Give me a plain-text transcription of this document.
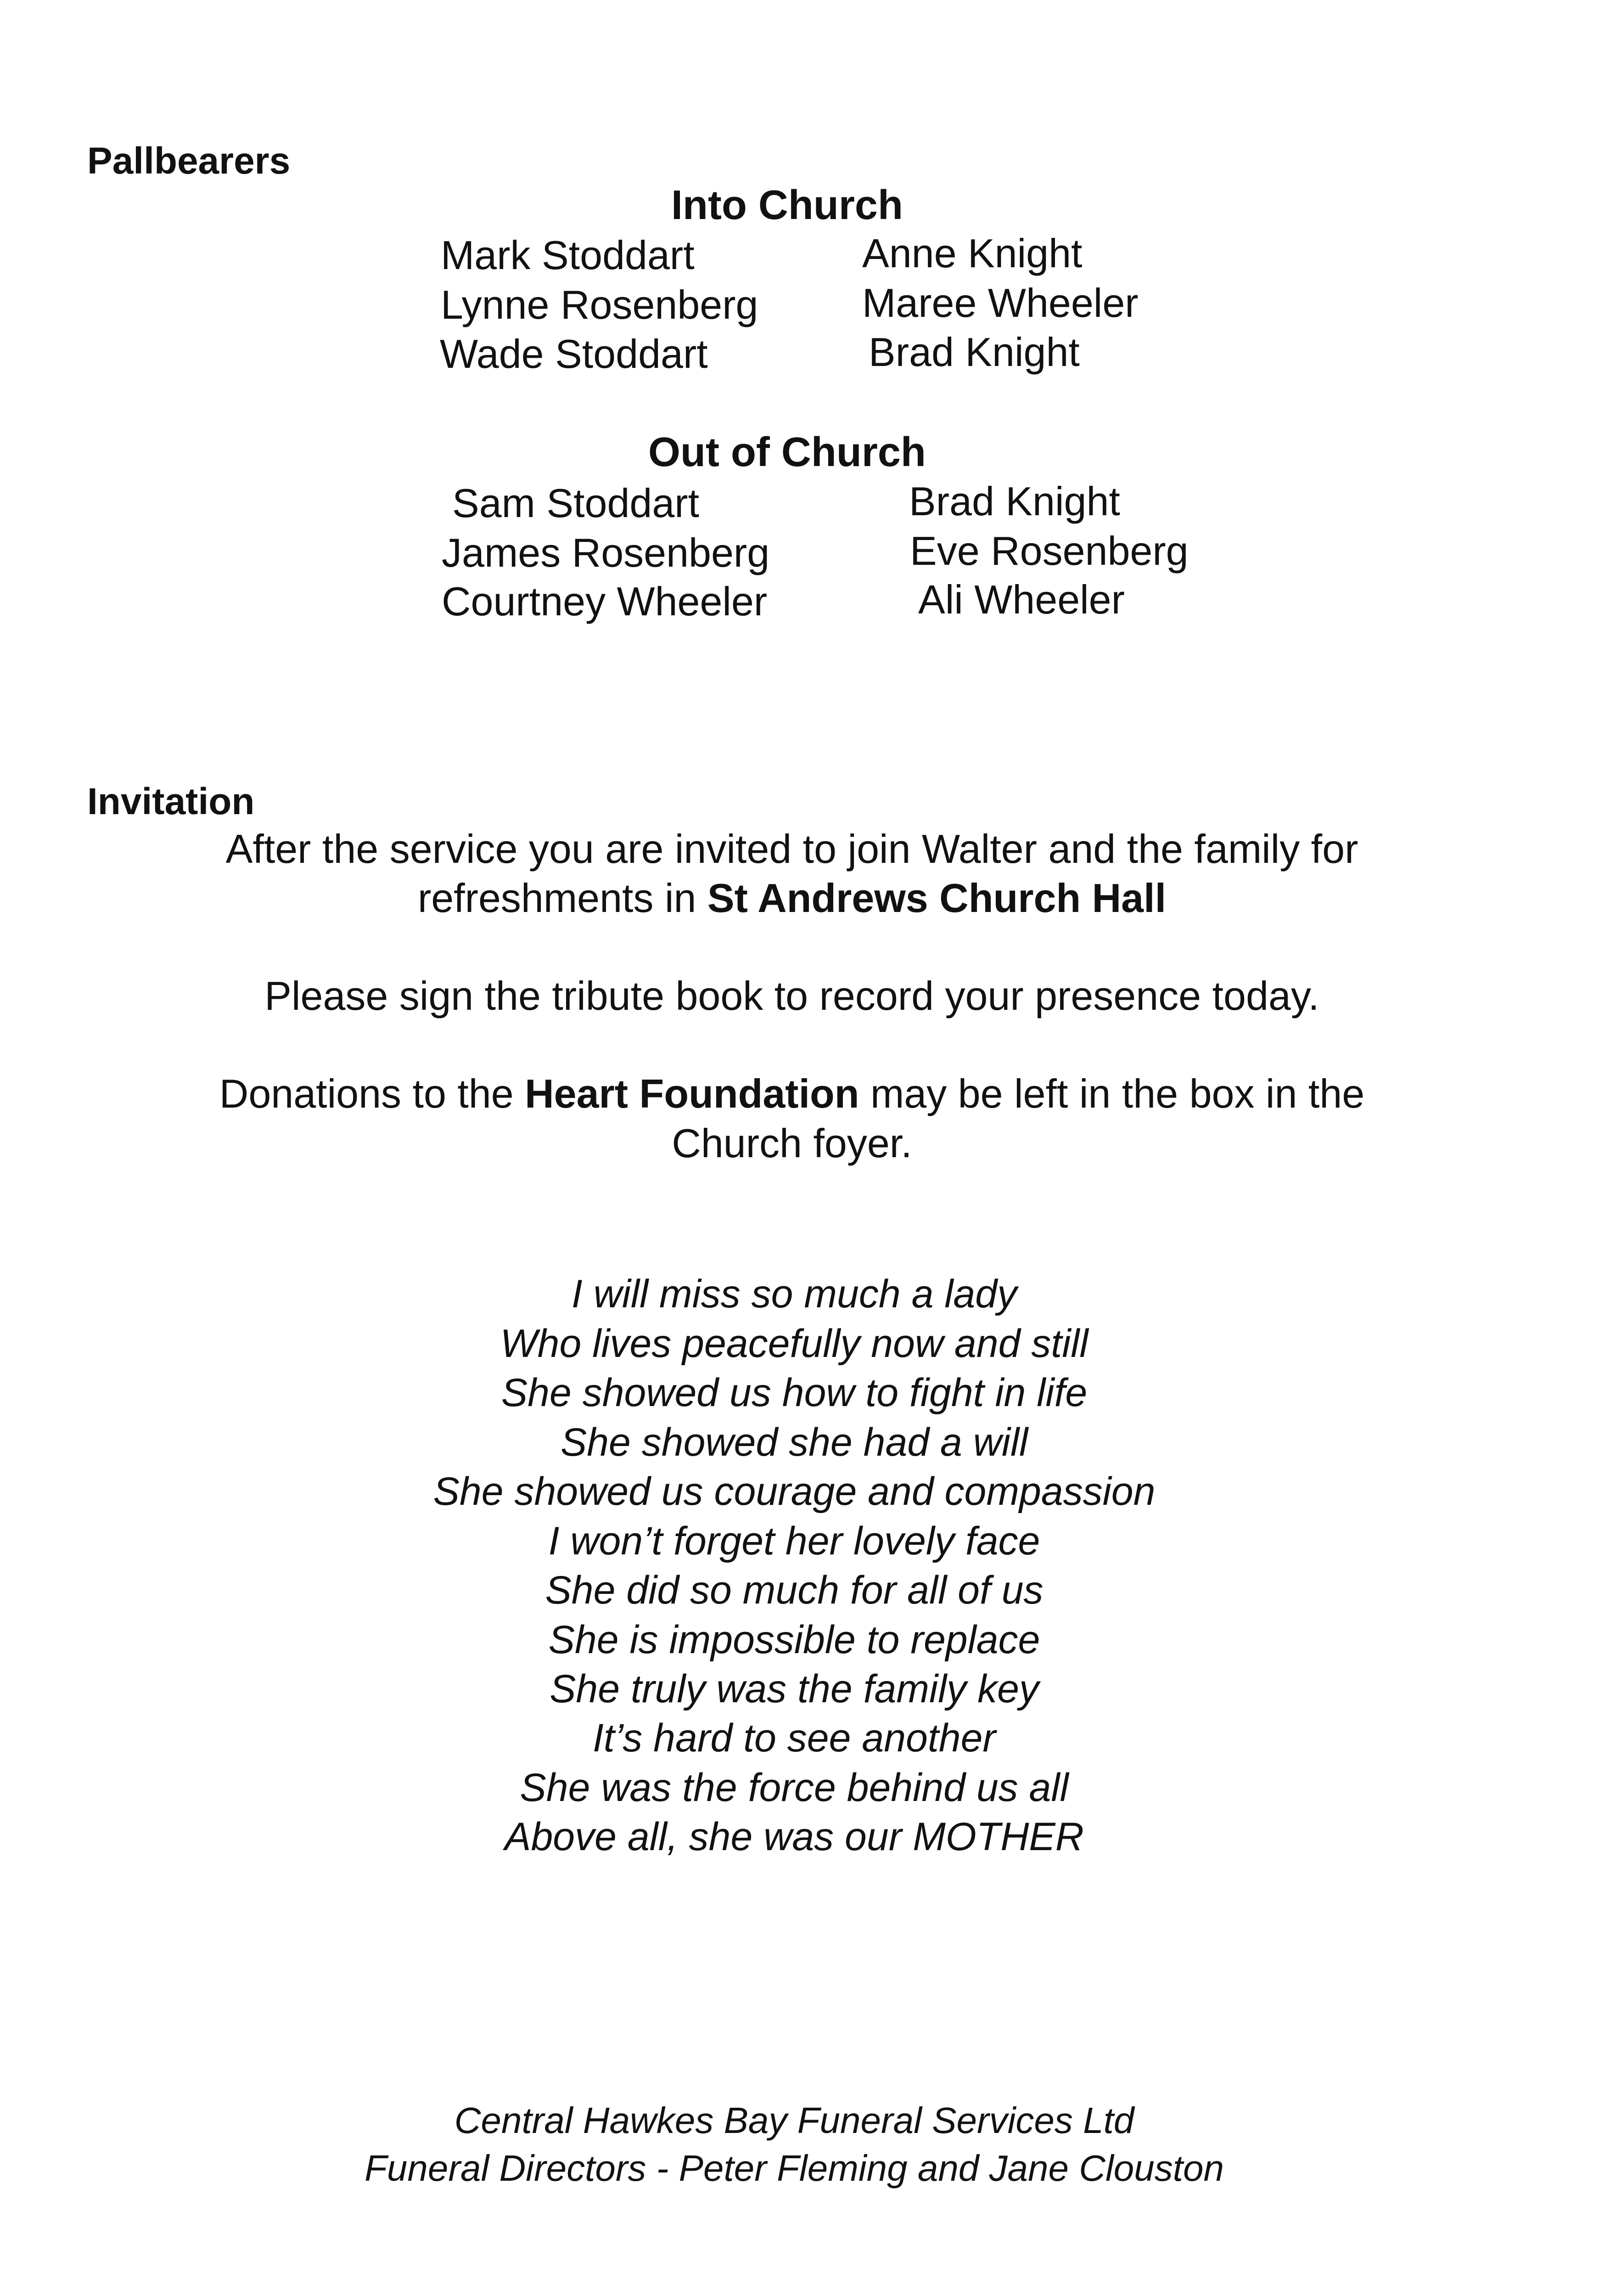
Pallbearers
Into Church
Mark Stoddart
Lynne Rosenberg
Wade Stoddart
Anne Knight
Maree Wheeler
Brad Knight
Out of Church
Sam Stoddart
James Rosenberg
Courtney Wheeler
Brad Knight
Eve Rosenberg
Ali Wheeler
Invitation
After the service you are invited to join Walter and the family for
refreshments in St Andrews Church Hall
Please sign the tribute book to record your presence today.
Donations to the Heart Foundation may be left in the box in the
Church foyer.
I will miss so much a lady
Who lives peacefully now and still
She showed us how to fight in life
She showed she had a will
She showed us courage and compassion
I won’t forget her lovely face
She did so much for all of us
She is impossible to replace
She truly was the family key
It’s hard to see another
She was the force behind us all
Above all, she was our MOTHER
Central Hawkes Bay Funeral Services Ltd
Funeral Directors - Peter Fleming and Jane Clouston
